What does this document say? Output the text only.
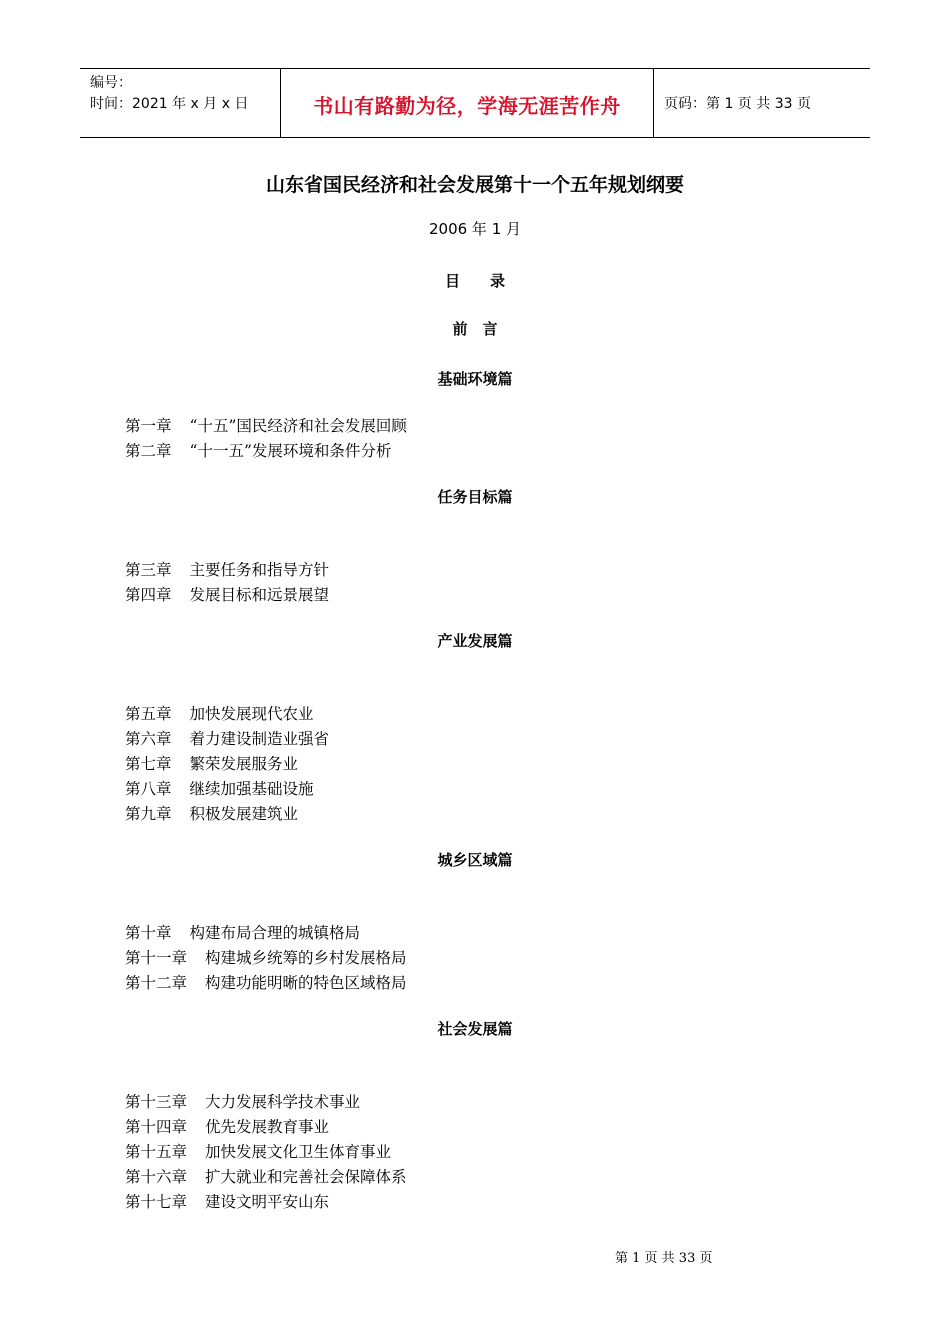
编号：
时间：2021 年 x 月 x 日	书山有路勤为径，学海无涯苦作舟	页码：第 1 页 共 33 页
山东省国民经济和社会发展第十一个五年规划纲要
2006 年 1 月
目　　录
前　言
基础环境篇
第一章 “十五”国民经济和社会发展回顾
第二章 “十一五”发展环境和条件分析
任务目标篇
第三章 主要任务和指导方针
第四章 发展目标和远景展望
产业发展篇
第五章 加快发展现代农业
第六章 着力建设制造业强省
第七章 繁荣发展服务业
第八章 继续加强基础设施
第九章 积极发展建筑业
城乡区域篇
第十章 构建布局合理的城镇格局
第十一章 构建城乡统筹的乡村发展格局
第十二章 构建功能明晰的特色区域格局
社会发展篇
第十三章 大力发展科学技术事业
第十四章 优先发展教育事业
第十五章 加快发展文化卫生体育事业
第十六章 扩大就业和完善社会保障体系
第十七章 建设文明平安山东
第 1 页 共 33 页
